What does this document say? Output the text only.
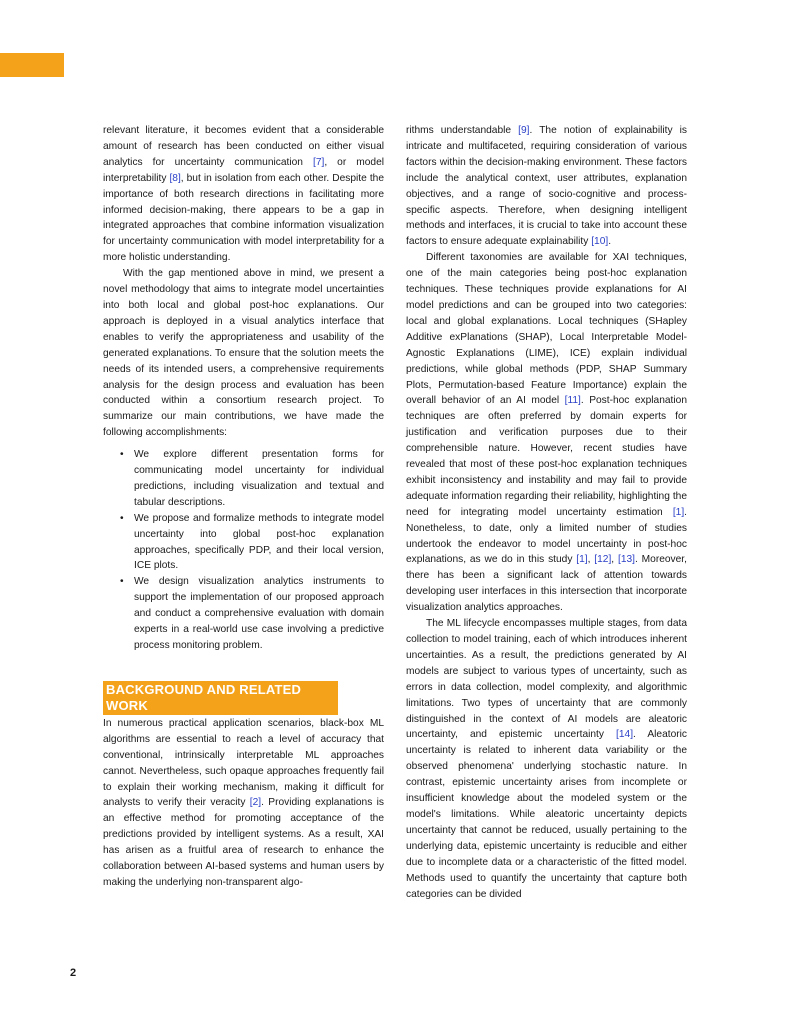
relevant literature, it becomes evident that a considerable amount of research has been conducted on either visual analytics for uncertainty communication [7], or model interpretability [8], but in isolation from each other. Despite the importance of both research directions in facilitating more informed decision-making, there appears to be a gap in integrated approaches that combine information visualization for uncertainty communication with model interpretability for a more holistic understanding.

With the gap mentioned above in mind, we present a novel methodology that aims to integrate model uncertainties into both local and global post-hoc explanations. Our approach is deployed in a visual analytics interface that enables to verify the appropriateness and usability of the generated explanations. To ensure that the solution meets the needs of its intended users, a comprehensive requirements analysis for the design process and evaluation has been conducted within a consortium research project. To summarize our main contributions, we have made the following accomplishments:

• We explore different presentation forms for communicating model uncertainty for individual predictions, including visualization and textual and tabular descriptions.
• We propose and formalize methods to integrate model uncertainty into global post-hoc explanation approaches, specifically PDP, and their local version, ICE plots.
• We design visualization analytics instruments to support the implementation of our proposed approach and conduct a comprehensive evaluation with domain experts in a real-world use case involving a predictive process monitoring problem.
BACKGROUND AND RELATED WORK

In numerous practical application scenarios, black-box ML algorithms are essential to reach a level of accuracy that conventional, intrinsically interpretable ML approaches cannot. Nevertheless, such opaque approaches frequently fail to explain their working mechanism, making it difficult for analysts to verify their veracity [2]. Providing explanations is an effective method for promoting acceptance of the predictions provided by intelligent systems. As a result, XAI has arisen as a fruitful area of research to enhance the collaboration between AI-based systems and human users by making the underlying non-transparent algo-

rithms understandable [9]. The notion of explainability is intricate and multifaceted, requiring consideration of various factors within the decision-making environment. These factors include the analytical context, user attributes, explanation objectives, and a range of socio-cognitive and process-specific aspects. Therefore, when designing intelligent methods and interfaces, it is crucial to take into account these factors to ensure adequate explainability [10].

Different taxonomies are available for XAI techniques, one of the main categories being post-hoc explanation techniques. These techniques provide explanations for AI model predictions and can be grouped into two categories: local and global explanations. Local techniques (SHapley Additive exPlanations (SHAP), Local Interpretable Model-Agnostic Explanations (LIME), ICE) explain individual predictions, while global methods (PDP, SHAP Summary Plots, Permutation-based Feature Importance) explain the overall behavior of an AI model [11]. Post-hoc explanation techniques are often preferred by domain experts for justification and verification purposes due to their comprehensible nature. However, recent studies have revealed that most of these post-hoc explanation techniques exhibit inconsistency and instability and may fail to provide adequate information regarding their reliability, highlighting the need for integrating model uncertainty estimation [1]. Nonetheless, to date, only a limited number of studies undertook the endeavor to model uncertainty in post-hoc explanations, as we do in this study [1], [12], [13]. Moreover, there has been a significant lack of attention towards developing user interfaces in this intersection that incorporate visualization analytics approaches.

The ML lifecycle encompasses multiple stages, from data collection to model training, each of which introduces inherent uncertainties. As a result, the predictions generated by AI models are subject to various types of uncertainty, such as errors in data collection, model complexity, and algorithmic limitations. Two types of uncertainty that are commonly distinguished in the context of AI models are aleatoric uncertainty, and epistemic uncertainty [14]. Aleatoric uncertainty is related to inherent data variability or the observed phenomena' underlying stochastic nature. In contrast, epistemic uncertainty arises from incomplete or insufficient knowledge about the modeled system or the model's limitations. While aleatoric uncertainty depicts uncertainty that cannot be reduced, usually pertaining to the underlying data, epistemic uncertainty is reducible and either due to incomplete data or a characteristic of the fitted model. Methods used to quantify the uncertainty that capture both categories can be divided

2
